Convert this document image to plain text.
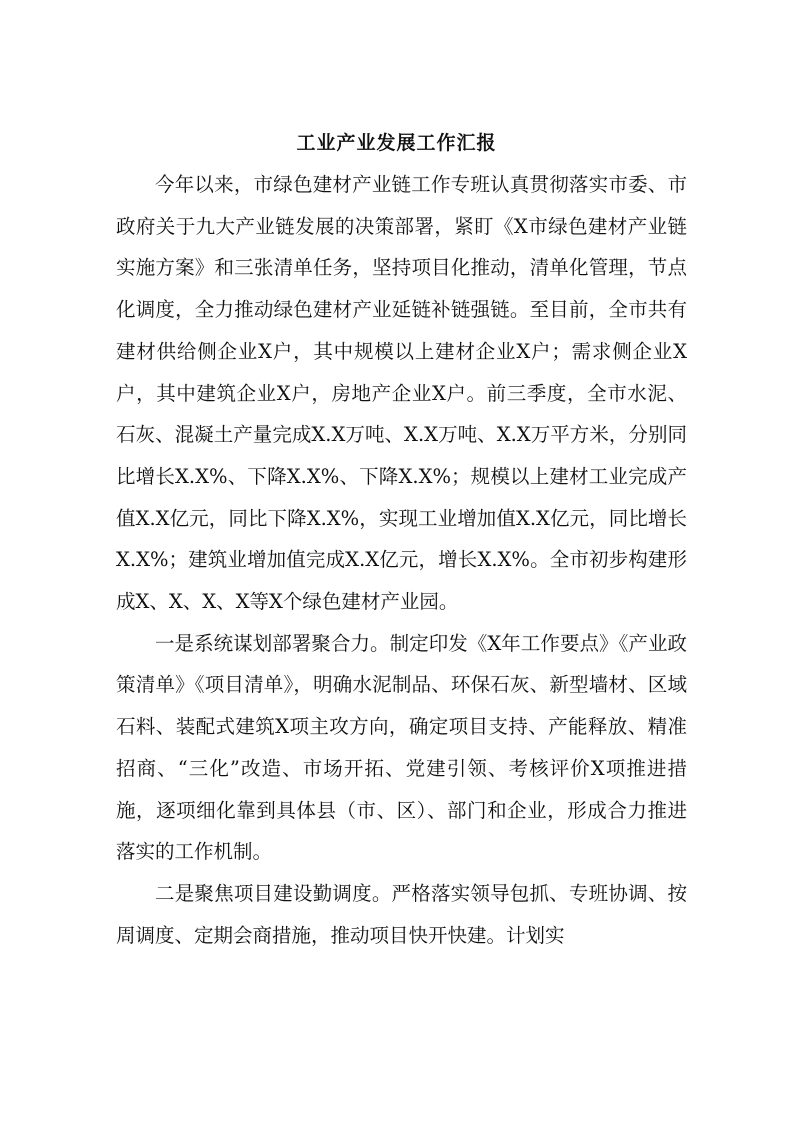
工业产业发展工作汇报

今年以来，市绿色建材产业链工作专班认真贯彻落实市委、市政府关于九大产业链发展的决策部署，紧盯《X市绿色建材产业链实施方案》和三张清单任务，坚持项目化推动，清单化管理，节点化调度，全力推动绿色建材产业延链补链强链。至目前，全市共有建材供给侧企业X户，其中规模以上建材企业X户；需求侧企业X户，其中建筑企业X户，房地产企业X户。前三季度，全市水泥、石灰、混凝土产量完成X.X万吨、X.X万吨、X.X万平方米，分别同比增长X.X%、下降X.X%、下降X.X%；规模以上建材工业完成产值X.X亿元，同比下降X.X%，实现工业增加值X.X亿元，同比增长X.X%；建筑业增加值完成X.X亿元，增长X.X%。全市初步构建形成X、X、X、X等X个绿色建材产业园。

一是系统谋划部署聚合力。制定印发《X年工作要点》《产业政策清单》《项目清单》，明确水泥制品、环保石灰、新型墙材、区域石料、装配式建筑X项主攻方向，确定项目支持、产能释放、精准招商、“三化”改造、市场开拓、党建引领、考核评价X项推进措施，逐项细化靠到具体县（市、区）、部门和企业，形成合力推进落实的工作机制。

二是聚焦项目建设勤调度。严格落实领导包抓、专班协调、按周调度、定期会商措施，推动项目快开快建。计划实
